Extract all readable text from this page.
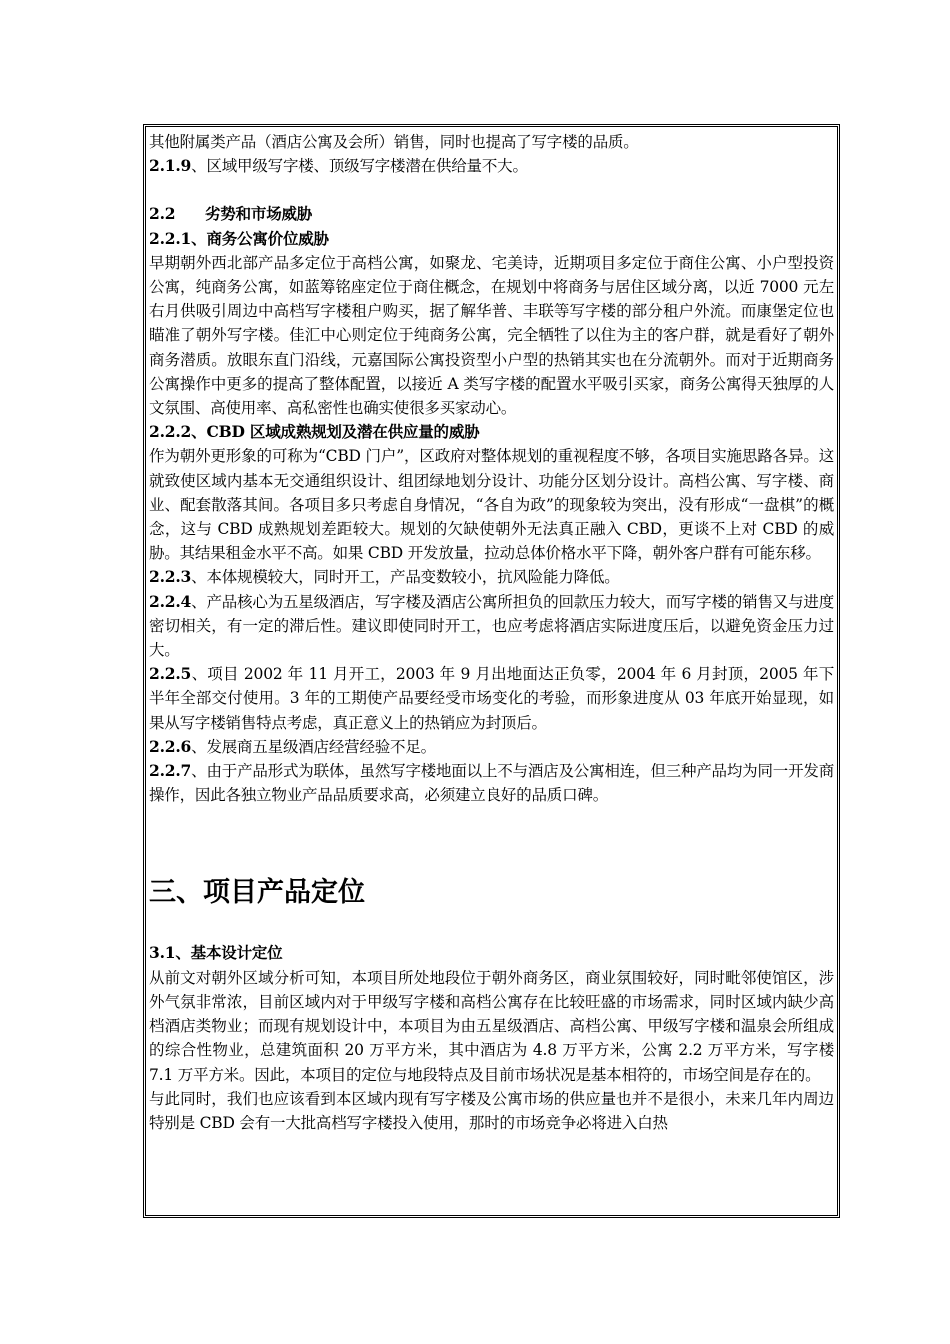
其他附属类产品（酒店公寓及会所）销售，同时也提高了写字楼的品质。

2.1.9、区域甲级写字楼、顶级写字楼潜在供给量不大。

2.2 劣势和市场威胁

2.2.1、商务公寓价位威胁

早期朝外西北部产品多定位于高档公寓，如聚龙、宅美诗，近期项目多定位于商住公寓、小户型投资公寓，纯商务公寓，如蓝筹铭座定位于商住概念，在规划中将商务与居住区域分离，以近 7000 元左右月供吸引周边中高档写字楼租户购买，据了解华普、丰联等写字楼的部分租户外流。而康堡定位也瞄准了朝外写字楼。佳汇中心则定位于纯商务公寓，完全牺牲了以住为主的客户群，就是看好了朝外商务潜质。放眼东直门沿线，元嘉国际公寓投资型小户型的热销其实也在分流朝外。而对于近期商务公寓操作中更多的提高了整体配置，以接近 A 类写字楼的配置水平吸引买家，商务公寓得天独厚的人文氛围、高使用率、高私密性也确实使很多买家动心。

2.2.2、CBD 区域成熟规划及潜在供应量的威胁

作为朝外更形象的可称为“CBD 门户”，区政府对整体规划的重视程度不够，各项目实施思路各异。这就致使区域内基本无交通组织设计、组团绿地划分设计、功能分区划分设计。高档公寓、写字楼、商业、配套散落其间。各项目多只考虑自身情况，“各自为政”的现象较为突出，没有形成“一盘棋”的概念，这与 CBD 成熟规划差距较大。规划的欠缺使朝外无法真正融入 CBD，更谈不上对 CBD 的威胁。其结果租金水平不高。如果 CBD 开发放量，拉动总体价格水平下降，朝外客户群有可能东移。

2.2.3、本体规模较大，同时开工，产品变数较小，抗风险能力降低。

2.2.4、产品核心为五星级酒店，写字楼及酒店公寓所担负的回款压力较大，而写字楼的销售又与进度密切相关，有一定的滞后性。建议即使同时开工，也应考虑将酒店实际进度压后，以避免资金压力过大。

2.2.5、项目 2002 年 11 月开工，2003 年 9 月出地面达正负零，2004 年 6 月封顶，2005 年下半年全部交付使用。3 年的工期使产品要经受市场变化的考验，而形象进度从 03 年底开始显现，如果从写字楼销售特点考虑，真正意义上的热销应为封顶后。

2.2.6、发展商五星级酒店经营经验不足。

2.2.7、由于产品形式为联体，虽然写字楼地面以上不与酒店及公寓相连，但三种产品均为同一开发商操作，因此各独立物业产品品质要求高，必须建立良好的品质口碑。

三、项目产品定位

3.1、基本设计定位

从前文对朝外区域分析可知，本项目所处地段位于朝外商务区，商业氛围较好，同时毗邻使馆区，涉外气氛非常浓，目前区域内对于甲级写字楼和高档公寓存在比较旺盛的市场需求，同时区域内缺少高档酒店类物业；而现有规划设计中，本项目为由五星级酒店、高档公寓、甲级写字楼和温泉会所组成的综合性物业，总建筑面积 20 万平方米，其中酒店为 4.8 万平方米，公寓 2.2 万平方米，写字楼 7.1 万平方米。因此，本项目的定位与地段特点及目前市场状况是基本相符的，市场空间是存在的。

与此同时，我们也应该看到本区域内现有写字楼及公寓市场的供应量也并不是很小，未来几年内周边特别是 CBD 会有一大批高档写字楼投入使用，那时的市场竞争必将进入白热
